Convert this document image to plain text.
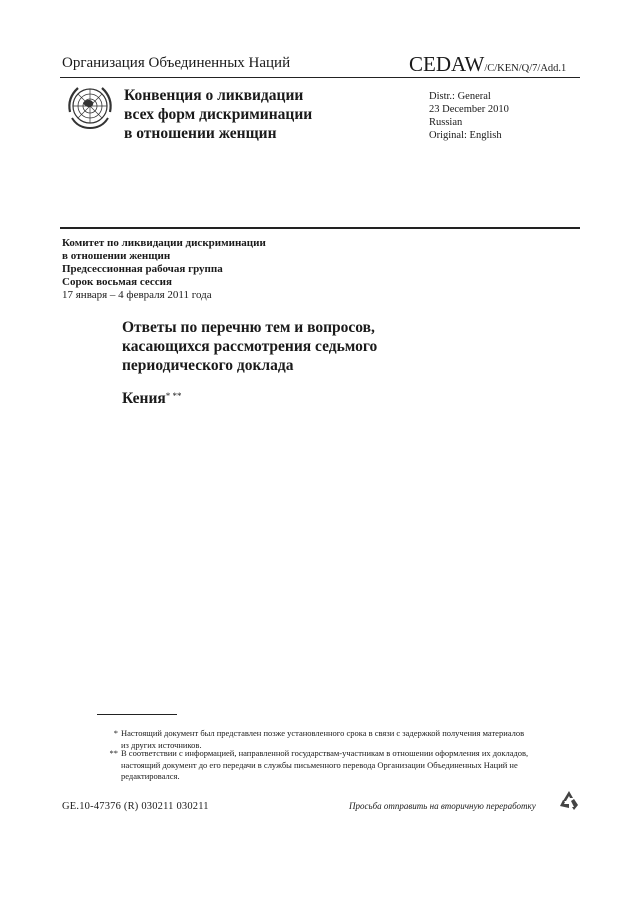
Организация Объединенных Наций	CEDAW/C/KEN/Q/7/Add.1
Конвенция о ликвидации
всех форм дискриминации
в отношении женщин
Distr.: General
23 December 2010
Russian
Original: English
Комитет по ликвидации дискриминации
в отношении женщин
Предсессионная рабочая группа
Сорок восьмая сессия
17 января – 4 февраля 2011 года
Ответы по перечню тем и вопросов,
касающихся рассмотрения седьмого
периодического доклада
Кения* **
* Настоящий документ был представлен позже установленного срока в связи с задержкой получения материалов из других источников.
** В соответствии с информацией, направленной государствам-участникам в отношении оформления их докладов, настоящий документ до его передачи в службы письменного перевода Организации Объединенных Наций не редактировался.
GE.10-47376 (R) 030211 030211	Просьба отправить на вторичную переработку
